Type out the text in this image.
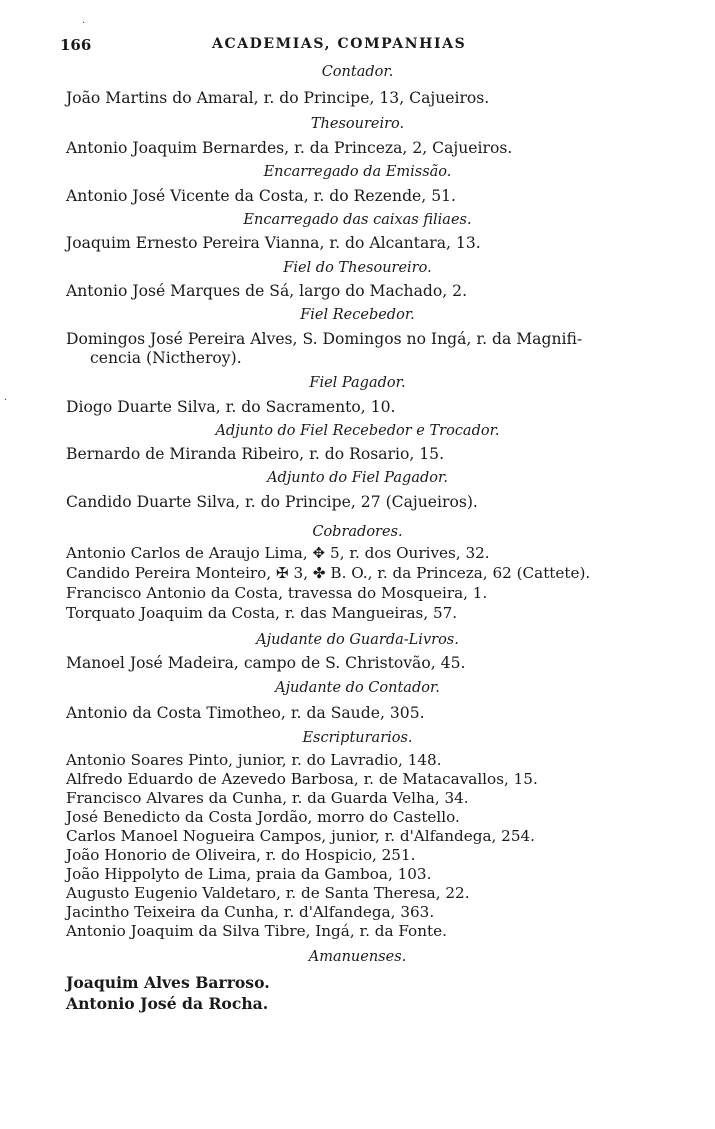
166	ACADEMIAS, COMPANHIAS
Contador.
João Martins do Amaral, r. do Principe, 13, Cajueiros.
Thesoureiro.
Antonio Joaquim Bernardes, r. da Princeza, 2, Cajueiros.
Encarregado da Emissão.
Antonio José Vicente da Costa, r. do Rezende, 51.
Encarregado das caixas filiaes.
Joaquim Ernesto Pereira Vianna, r. do Alcantara, 13.
Fiel do Thesoureiro.
Antonio José Marques de Sá, largo do Machado, 2.
Fiel Recebedor.
Domingos José Pereira Alves, S. Domingos no Ingá, r. da Magnifi-
cencia (Nictheroy).
Fiel Pagador.
Diogo Duarte Silva, r. do Sacramento, 10.
Adjunto do Fiel Recebedor e Trocador.
Bernardo de Miranda Ribeiro, r. do Rosario, 15.
Adjunto do Fiel Pagador.
Candido Duarte Silva, r. do Principe, 27 (Cajueiros).
Cobradores.
Antonio Carlos de Araujo Lima, ✥ 5, r. dos Ourives, 32.
Candido Pereira Monteiro, ✠ 3, ✤ B. O., r. da Princeza, 62 (Cattete).
Francisco Antonio da Costa, travessa do Mosqueira, 1.
Torquato Joaquim da Costa, r. das Mangueiras, 57.
Ajudante do Guarda-Livros.
Manoel José Madeira, campo de S. Christovão, 45.
Ajudante do Contador.
Antonio da Costa Timotheo, r. da Saude, 305.
Escripturarios.
Antonio Soares Pinto, junior, r. do Lavradio, 148.
Alfredo Eduardo de Azevedo Barbosa, r. de Matacavallos, 15.
Francisco Alvares da Cunha, r. da Guarda Velha, 34.
José Benedicto da Costa Jordão, morro do Castello.
Carlos Manoel Nogueira Campos, junior, r. d'Alfandega, 254.
João Honorio de Oliveira, r. do Hospicio, 251.
João Hippolyto de Lima, praia da Gamboa, 103.
Augusto Eugenio Valdetaro, r. de Santa Theresa, 22.
Jacintho Teixeira da Cunha, r. d'Alfandega, 363.
Antonio Joaquim da Silva Tibre, Ingá, r. da Fonte.
Amanuenses.
Joaquim Alves Barroso.
Antonio José da Rocha.
·
·
